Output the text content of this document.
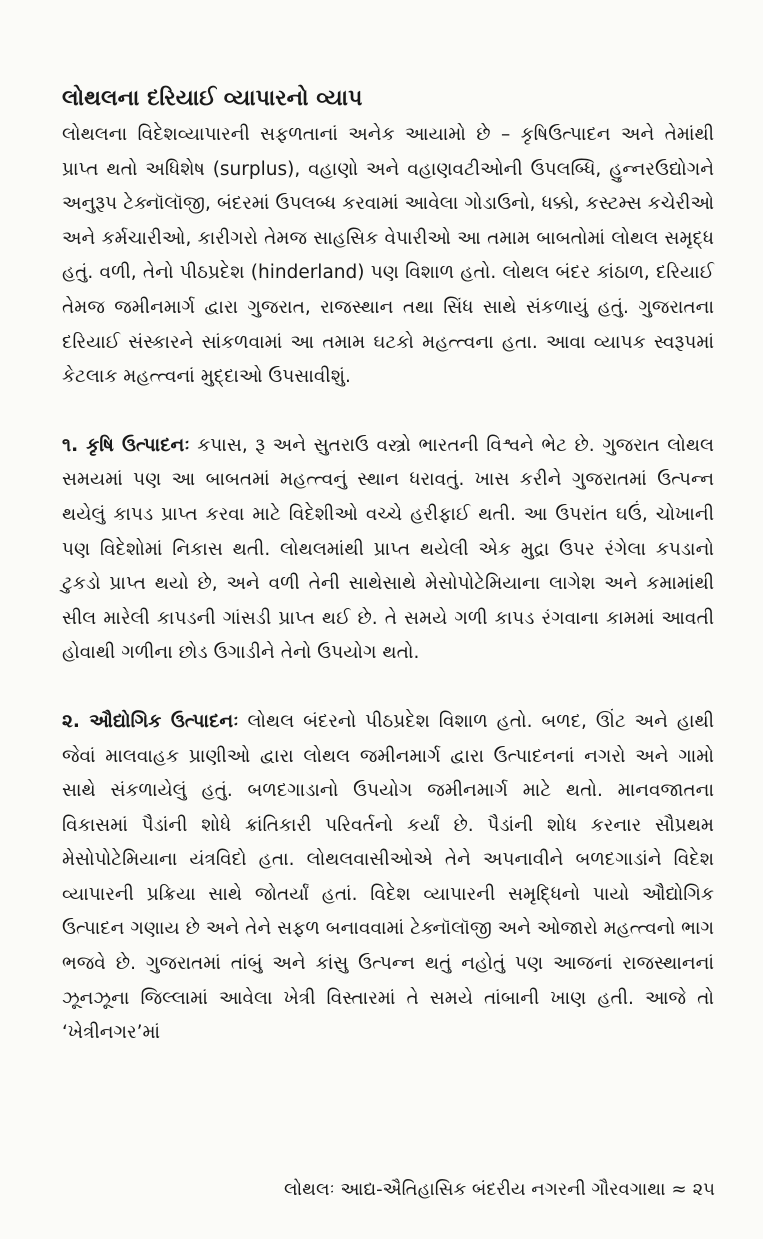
લોથલના દરિયાઈ વ્યાપારનો વ્યાપ

લોથલના વિદેશવ્યાપારની સફળતાનાં અનેક આયામો છે – કૃષિઉત્પાદન અને તેમાંથી પ્રાપ્ત થતો અધિશેષ (surplus), વહાણો અને વહાણવટીઓની ઉપલબ્ધિ, હુન્નરઉદ્યોગને અનુરૂપ ટેક્નૉલૉજી, બંદરમાં ઉપલબ્ધ કરવામાં આવેલા ગોડાઉનો, ધક્કો, કસ્ટમ્સ કચેરીઓ અને કર્મચારીઓ, કારીગરો તેમજ સાહસિક વેપારીઓ આ તમામ બાબતોમાં લોથલ સમૃદ્ધ હતું. વળી, તેનો પીઠપ્રદેશ (hinderland) પણ વિશાળ હતો. લોથલ બંદર કાંઠાળ, દરિયાઈ તેમજ જમીનમાર્ગ દ્વારા ગુજરાત, રાજસ્થાન તથા સિંધ સાથે સંકળાયું હતું. ગુજરાતના દરિયાઈ સંસ્કારને સાંકળવામાં આ તમામ ઘટકો મહત્ત્વના હતા. આવા વ્યાપક સ્વરૂપમાં કેટલાક મહત્ત્વનાં મુદ્દાઓ ઉપસાવીશું.

૧. કૃષિ ઉત્પાદનઃ કપાસ, રૂ અને સુતરાઉ વસ્ત્રો ભારતની વિશ્વને ભેટ છે. ગુજરાત લોથલ સમયમાં પણ આ બાબતમાં મહત્ત્વનું સ્થાન ધરાવતું. ખાસ કરીને ગુજરાતમાં ઉત્પન્ન થયેલું કાપડ પ્રાપ્ત કરવા માટે વિદેશીઓ વચ્ચે હરીફાઈ થતી. આ ઉપરાંત ઘઉં, ચોખાની પણ વિદેશોમાં નિકાસ થતી. લોથલમાંથી પ્રાપ્ત થયેલી એક મુદ્રા ઉપર રંગેલા કપડાનો ટુકડો પ્રાપ્ત થયો છે, અને વળી તેની સાથેસાથે મેસોપોટેમિયાના લાગેશ અને કમામાંથી સીલ મારેલી કાપડની ગાંસડી પ્રાપ્ત થઈ છે. તે સમયે ગળી કાપડ રંગવાના કામમાં આવતી હોવાથી ગળીના છોડ ઉગાડીને તેનો ઉપયોગ થતો.

૨. ઔદ્યોગિક ઉત્પાદનઃ લોથલ બંદરનો પીઠપ્રદેશ વિશાળ હતો. બળદ, ઊંટ અને હાથી જેવાં માલવાહક પ્રાણીઓ દ્વારા લોથલ જમીનમાર્ગ દ્વારા ઉત્પાદનનાં નગરો અને ગામો સાથે સંકળાયેલું હતું. બળદગાડાનો ઉપયોગ જમીનમાર્ગ માટે થતો. માનવજાતના વિકાસમાં પૈડાંની શોધે ક્રાંતિકારી પરિવર્તનો કર્યાં છે. પૈડાંની શોધ કરનાર સૌપ્રથમ મેસોપોટેમિયાના યંત્રવિદો હતા. લોથલવાસીઓએ તેને અપનાવીને બળદગાડાંને વિદેશ વ્યાપારની પ્રક્રિયા સાથે જોતર્યાં હતાં. વિદેશ વ્યાપારની સમૃદ્ધિનો પાયો ઔદ્યોગિક ઉત્પાદન ગણાય છે અને તેને સફળ બનાવવામાં ટેક્નૉલૉજી અને ઓજારો મહત્ત્વનો ભાગ ભજવે છે. ગુજરાતમાં તાંબું અને કાંસુ ઉત્પન્ન થતું નહોતું પણ આજનાં રાજસ્થાનનાં ઝૂનઝૂના જિલ્લામાં આવેલા ખેત્રી વિસ્તારમાં તે સમયે તાંબાની ખાણ હતી. આજે તો ‘ખેત્રીનગર’માં

લોથલઃ આદ્ય-ઐતિહાસિક બંદરીય નગરની ગૌરવગાથા ≈ ૨૫
